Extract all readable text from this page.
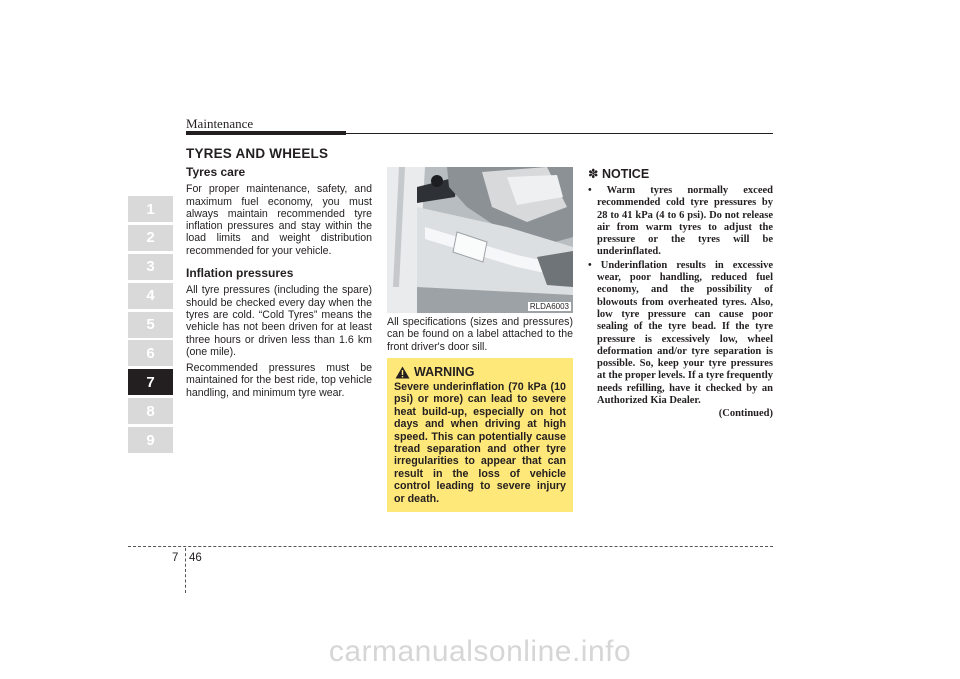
Maintenance
TYRES AND WHEELS
1
2
3
4
5
6
7
8
9
Tyres care

For proper maintenance, safety, and maximum fuel economy, you must always maintain recommended tyre inflation pressures and stay within the load limits and weight distribution recommended for your vehicle.

Inflation pressures

All tyre pressures (including the spare) should be checked every day when the tyres are cold. “Cold Tyres” means the vehicle has not been driven for at least three hours or driven less than 1.6 km (one mile).

Recommended pressures must be maintained for the best ride, top vehicle handling, and minimum tyre wear.

RLDA6003
All specifications (sizes and pressures) can be found on a label attached to the front driver's door sill.
WARNING
Severe underinflation (70 kPa (10 psi) or more) can lead to severe heat build-up, especially on hot days and when driving at high speed. This can potentially cause tread separation and other tyre irregularities to appear that can result in the loss of vehicle control leading to severe injury or death.
✽ NOTICE
• Warm tyres normally exceed recommended cold tyre pressures by 28 to 41 kPa (4 to 6 psi). Do not release air from warm tyres to adjust the pressure or the tyres will be underinflated.
• Underinflation results in excessive wear, poor handling, reduced fuel economy, and the possibility of blowouts from overheated tyres. Also, low tyre pressure can cause poor sealing of the tyre bead. If the tyre pressure is excessively low, wheel deformation and/or tyre separation is possible. So, keep your tyre pressures at the proper levels. If a tyre frequently needs refilling, have it checked by an Authorized Kia Dealer.
(Continued)
7 46
carmanualsonline.info
